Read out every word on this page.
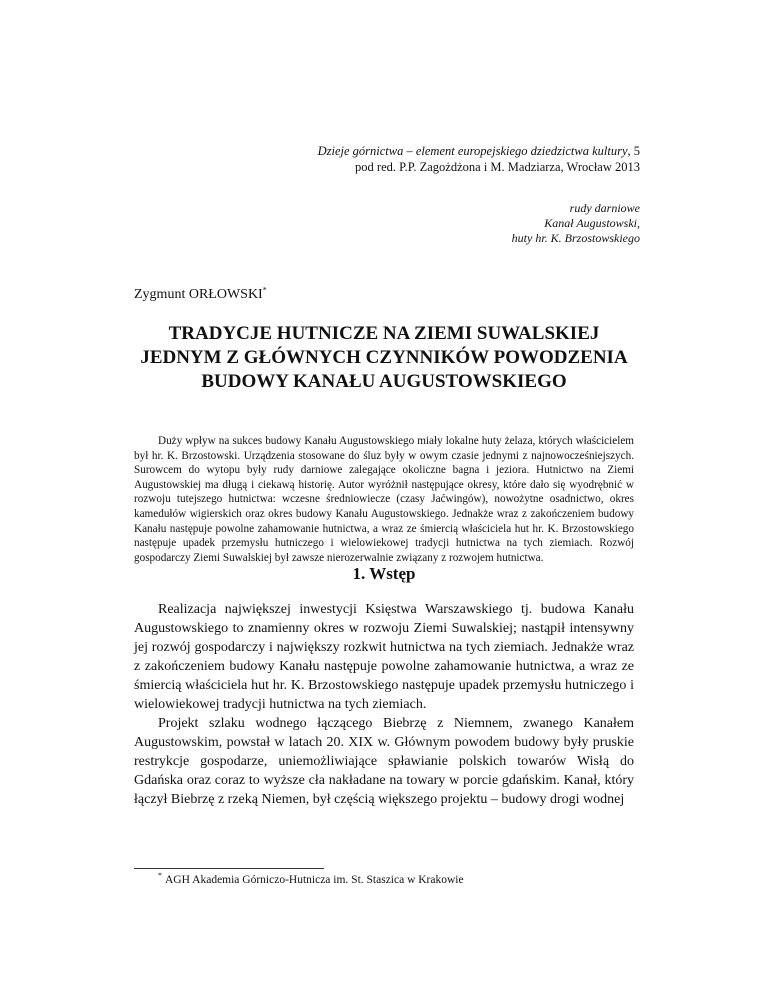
Dzieje górnictwa – element europejskiego dziedzictwa kultury, 5
pod red. P.P. Zagożdżona i M. Madziarza, Wrocław 2013
rudy darniowe
Kanał Augustowski,
huty hr. K. Brzostowskiego
Zygmunt ORŁOWSKI*
TRADYCJE HUTNICZE NA ZIEMI SUWALSKIEJ
JEDNYM Z GŁÓWNYCH CZYNNIKÓW POWODZENIA
BUDOWY KANAŁU AUGUSTOWSKIEGO
Duży wpływ na sukces budowy Kanału Augustowskiego miały lokalne huty żelaza, których właścicielem był hr. K. Brzostowski. Urządzenia stosowane do śluz były w owym czasie jednymi z najnowocześniejszych. Surowcem do wytopu były rudy darniowe zalegające okoliczne bagna i jeziora. Hutnictwo na Ziemi Augustowskiej ma długą i ciekawą historię. Autor wyróżnił następujące okresy, które dało się wyodrębnić w rozwoju tutejszego hutnictwa: wczesne średniowiecze (czasy Jaćwingów), nowożytne osadnictwo, okres kamedułów wigierskich oraz okres budowy Kanału Augustowskiego. Jednakże wraz z zakończeniem budowy Kanału następuje powolne zahamowanie hutnictwa, a wraz ze śmiercią właściciela hut hr. K. Brzostowskiego następuje upadek przemysłu hutniczego i wielowiekowej tradycji hutnictwa na tych ziemiach. Rozwój gospodarczy Ziemi Suwalskiej był zawsze nierozerwalnie związany z rozwojem hutnictwa.
1. Wstęp

Realizacja największej inwestycji Księstwa Warszawskiego tj. budowa Kanału Augustowskiego to znamienny okres w rozwoju Ziemi Suwalskiej; nastąpił intensywny jej rozwój gospodarczy i największy rozkwit hutnictwa na tych ziemiach. Jednakże wraz z zakończeniem budowy Kanału następuje powolne zahamowanie hutnictwa, a wraz ze śmiercią właściciela hut hr. K. Brzostowskiego następuje upadek przemysłu hutniczego i wielowiekowej tradycji hutnictwa na tych ziemiach.

Projekt szlaku wodnego łączącego Biebrzę z Niemnem, zwanego Kanałem Augustowskim, powstał w latach 20. XIX w. Głównym powodem budowy były pruskie restrykcje gospodarze, uniemożliwiające spławianie polskich towarów Wisłą do Gdańska oraz coraz to wyższe cła nakładane na towary w porcie gdańskim. Kanał, który łączył Biebrzę z rzeką Niemen, był częścią większego projektu – budowy drogi wodnej

* AGH Akademia Górniczo-Hutnicza im. St. Staszica w Krakowie
